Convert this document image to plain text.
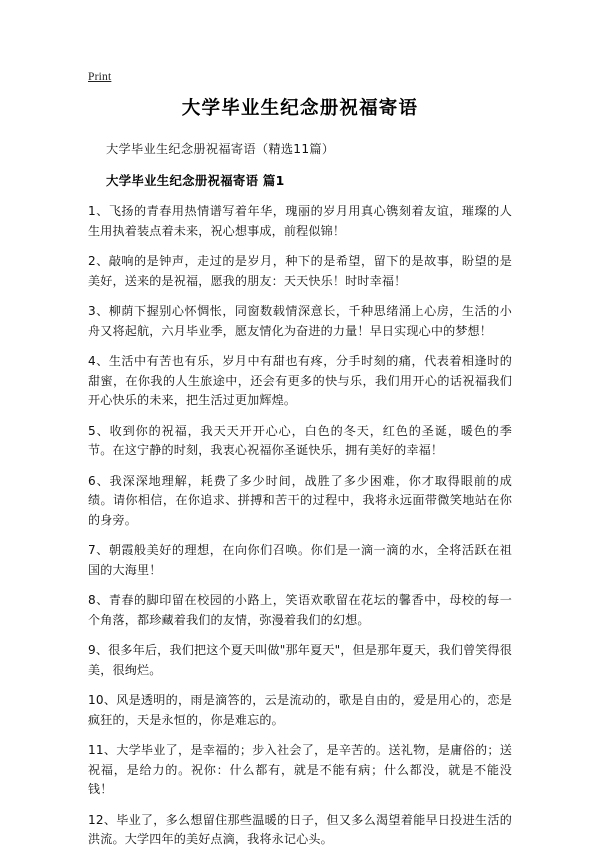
Print
大学毕业生纪念册祝福寄语

大学毕业生纪念册祝福寄语（精选11篇）

大学毕业生纪念册祝福寄语 篇1

1、飞扬的青春用热情谱写着年华，瑰丽的岁月用真心镌刻着友谊，璀璨的人生用执着装点着未来，祝心想事成，前程似锦！

2、敲响的是钟声，走过的是岁月，种下的是希望，留下的是故事，盼望的是美好，送来的是祝福，愿我的朋友：天天快乐！时时幸福！

3、柳荫下握别心怀惆怅，同窗数载情深意长，千种思绪涌上心房，生活的小舟又将起航，六月毕业季，愿友情化为奋进的力量！早日实现心中的梦想！

4、生活中有苦也有乐，岁月中有甜也有疼，分手时刻的痛，代表着相逢时的甜蜜，在你我的人生旅途中，还会有更多的快与乐，我们用开心的话祝福我们开心快乐的未来，把生活过更加辉煌。

5、收到你的祝福，我天天开开心心，白色的冬天，红色的圣诞，暖色的季节。在这宁静的时刻，我衷心祝福你圣诞快乐，拥有美好的幸福！

6、我深深地理解，耗费了多少时间，战胜了多少困难，你才取得眼前的成绩。请你相信，在你追求、拼搏和苦干的过程中，我将永远面带微笑地站在你的身旁。

7、朝霞般美好的理想，在向你们召唤。你们是一滴一滴的水，全将活跃在祖国的大海里！

8、青春的脚印留在校园的小路上，笑语欢歌留在花坛的馨香中，母校的每一个角落，都珍藏着我们的友情，弥漫着我们的幻想。

9、很多年后，我们把这个夏天叫做"那年夏天"，但是那年夏天，我们曾笑得很美，很绚烂。

10、风是透明的，雨是滴答的，云是流动的，歌是自由的，爱是用心的，恋是疯狂的，天是永恒的，你是难忘的。

11、大学毕业了，是幸福的；步入社会了，是辛苦的。送礼物，是庸俗的；送祝福，是给力的。祝你：什么都有，就是不能有病；什么都没，就是不能没钱！

12、毕业了，多么想留住那些温暖的日子，但又多么渴望着能早日投进生活的洪流。大学四年的美好点滴，我将永记心头。
